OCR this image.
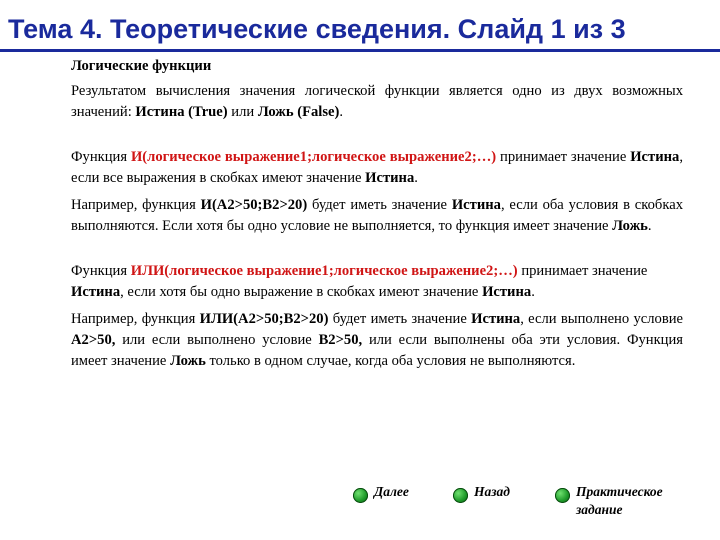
Тема 4. Теоретические сведения. Слайд 1 из 3

Логические функции

Результатом вычисления значения логической функции является одно из двух возможных значений: Истина (True) или Ложь (False).

Функция И(логическое выражение1;логическое выражение2;…) принимает значение Истина, если все выражения в скобках имеют значение Истина.

Например, функция И(А2>50;В2>20) будет иметь значение Истина, если оба условия в скобках выполняются. Если хотя бы одно условие не выполняется, то функция имеет значение Ложь.

Функция ИЛИ(логическое выражение1;логическое выражение2;…) принимает значение Истина, если хотя бы одно выражение в скобках имеют значение Истина.

Например, функция ИЛИ(А2>50;В2>20) будет иметь значение Истина, если выполнено условие А2>50, или если выполнено условие В2>50, или если выполнены оба эти условия. Функция имеет значение Ложь только в одном случае, когда оба условия не выполняются.

Далее	Назад	Практическое
задание
